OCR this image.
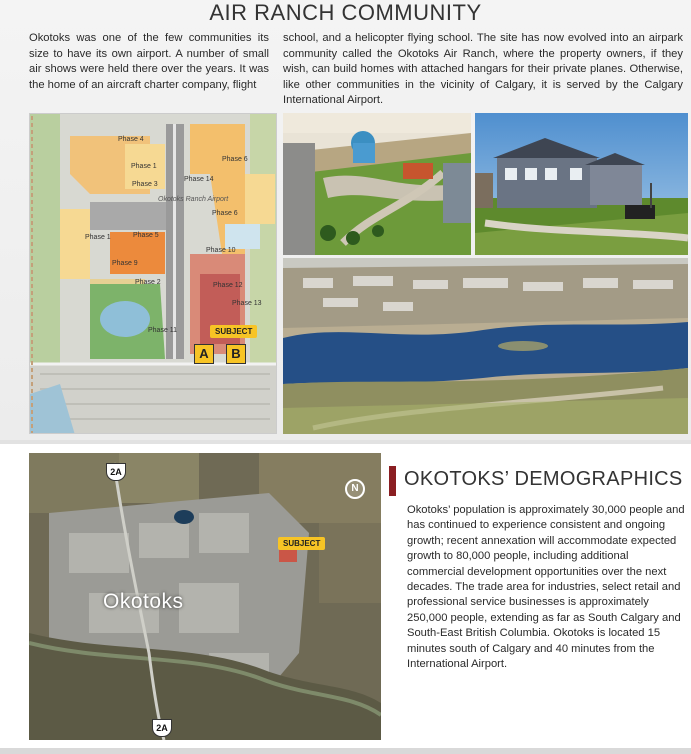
AIR RANCH COMMUNITY
Okotoks was one of the few communities its size to have its own airport. A number of small air shows were held there over the years. It was the home of an aircraft charter company, flight
school, and a helicopter flying school. The site has now evolved into an airpark community called the Okotoks Air Ranch, where the property owners, if they wish, can build homes with attached hangars for their private planes. Otherwise, like other communities in the vicinity of Calgary, it is served by the Calgary International Airport.
Phase 4
Phase 1
Phase 3
Phase 6
Phase 14
Phase 1
Phase 9
Phase 5
Phase 2
Phase 10
Phase 12
Phase 13
Phase 11
Phase 6
Okotoks Ranch Airport
SUBJECT
A	B
2A
2A
N
Okotoks
SUBJECT
OKOTOKS’ DEMOGRAPHICS
Okotoks’ population is approximately 30,000 people and has continued to experience consistent and ongoing growth; recent annexation will accommodate expected growth to 80,000 people, including additional commercial development opportunities over the next decades. The trade area for industries, select retail and professional service businesses is approximately 250,000 people, extending as far as South Calgary and South-East British Columbia. Okotoks is located 15 minutes south of Calgary and 40 minutes from the International Airport.
